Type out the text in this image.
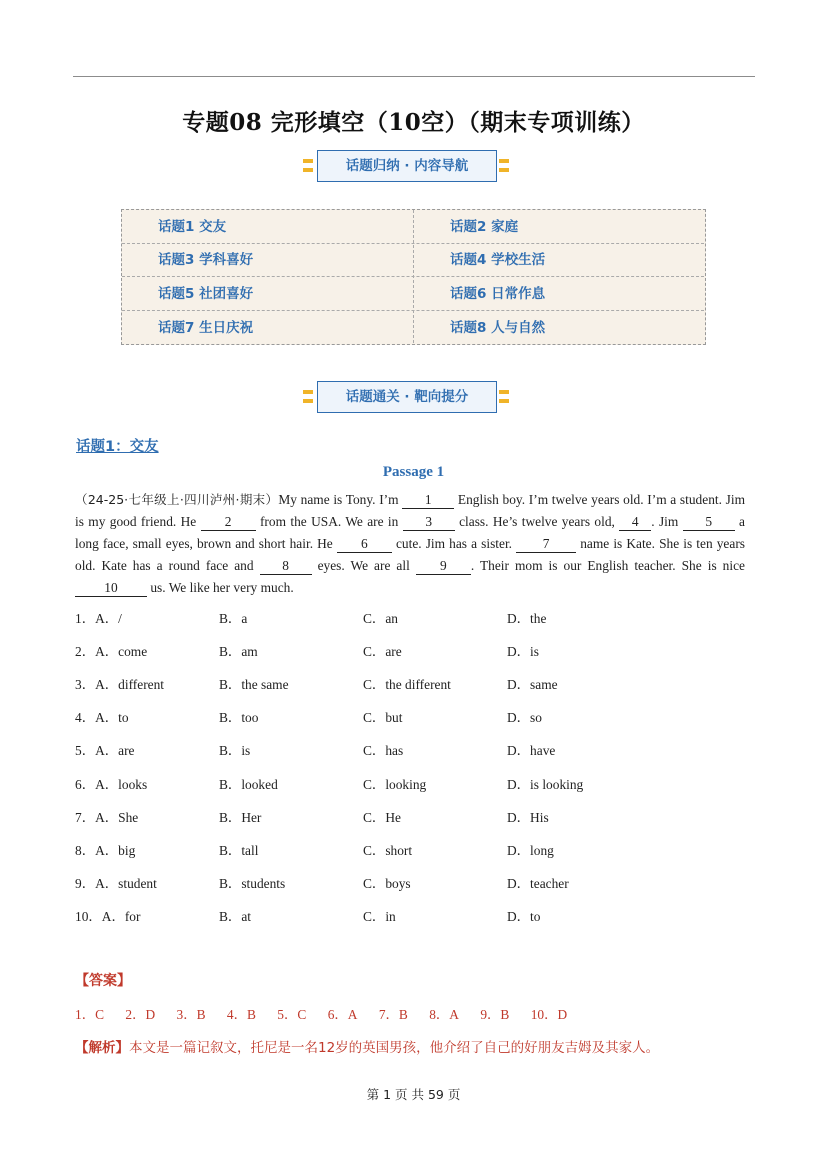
专题08 完形填空（10空）（期末专项训练）
话题归纳 · 内容导航
话题1 交友	话题2 家庭
话题3 学科喜好	话题4 学校生活
话题5 社团喜好	话题6 日常作息
话题7 生日庆祝	话题8 人与自然
话题通关 · 靶向提分
话题1：交友
Passage 1
（24-25·七年级上·四川泸州·期末）My name is Tony. I’m 1 English boy. I’m twelve years old. I’m a student. Jim is my good friend. He 2 from the USA. We are in 3 class. He’s twelve years old, 4 . Jim 5 a long face, small eyes, brown and short hair. He 6 cute. Jim has a sister. 7 name is Kate. She is ten years old. Kate has a round face and 8 eyes. We are all 9 . Their mom is our English teacher. She is nice 10 us. We like her very much.
1．A．/	B．a	C．an	D．the
2．A．come	B．am	C．are	D．is
3．A．different	B．the same	C．the different	D．same
4．A．to	B．too	C．but	D．so
5．A．are	B．is	C．has	D．have
6．A．looks	B．looked	C．looking	D．is looking
7．A．She	B．Her	C．He	D．His
8．A．big	B．tall	C．short	D．long
9．A．student	B．students	C．boys	D．teacher
10．A．for	B．at	C．in	D．to
【答案】
1．C 2．D 3．B 4．B 5．C 6．A 7．B 8．A 9．B 10．D
【解析】本文是一篇记叙文，托尼是一名12岁的英国男孩，他介绍了自己的好朋友吉姆及其家人。
第 1 页 共 59 页
